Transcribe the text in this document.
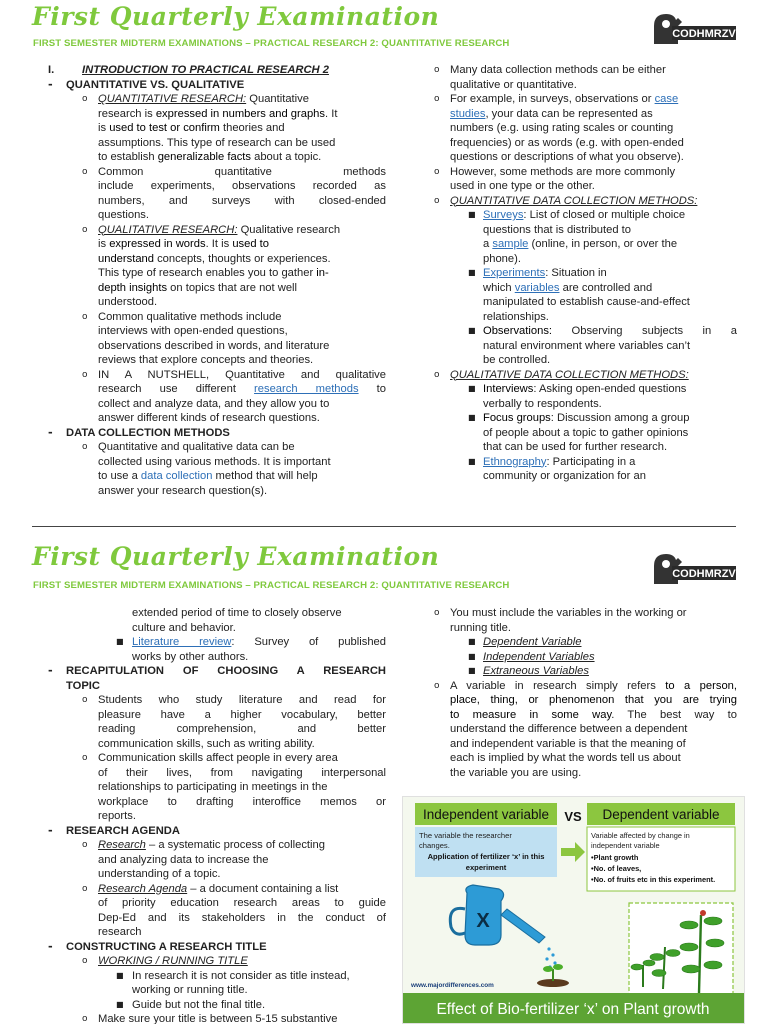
First Quarterly Examination
FIRST SEMESTER MIDTERM EXAMINATIONS – PRACTICAL RESEARCH 2: QUANTITATIVE RESEARCH
CODHMRZV
I. INTRODUCTION TO PRACTICAL RESEARCH 2
- QUANTITATIVE VS. QUALITATIVE
o QUANTITATIVE RESEARCH: Quantitative
research is expressed in numbers and graphs. It
is used to test or confirm theories and
assumptions. This type of research can be used
to establish generalizable facts about a topic.
o Common quantitative methods
include experiments, observations recorded as
numbers, and surveys with closed-ended
questions.
o QUALITATIVE RESEARCH: Qualitative research
is expressed in words. It is used to
understand concepts, thoughts or experiences.
This type of research enables you to gather in-
depth insights on topics that are not well
understood.
o Common qualitative methods include
interviews with open-ended questions,
observations described in words, and literature
reviews that explore concepts and theories.
o IN A NUTSHELL, Quantitative and qualitative
research use different research methods to
collect and analyze data, and they allow you to
answer different kinds of research questions.
- DATA COLLECTION METHODS
o Quantitative and qualitative data can be
collected using various methods. It is important
to use a data collection method that will help
answer your research question(s).
o Many data collection methods can be either
qualitative or quantitative.
o For example, in surveys, observations or case
studies, your data can be represented as
numbers (e.g. using rating scales or counting
frequencies) or as words (e.g. with open-ended
questions or descriptions of what you observe).
o However, some methods are more commonly
used in one type or the other.
o QUANTITATIVE DATA COLLECTION METHODS:
■ Surveys: List of closed or multiple choice
questions that is distributed to
a sample (online, in person, or over the
phone).
■ Experiments: Situation in
which variables are controlled and
manipulated to establish cause-and-effect
relationships.
■ Observations: Observing subjects in a
natural environment where variables can’t
be controlled.
o QUALITATIVE DATA COLLECTION METHODS:
■ Interviews: Asking open-ended questions
verbally to respondents.
■ Focus groups: Discussion among a group
of people about a topic to gather opinions
that can be used for further research.
■ Ethnography: Participating in a
community or organization for an
First Quarterly Examination
FIRST SEMESTER MIDTERM EXAMINATIONS – PRACTICAL RESEARCH 2: QUANTITATIVE RESEARCH
CODHMRZV
extended period of time to closely observe
culture and behavior.
■ Literature review: Survey of published
works by other authors.
- RECAPITULATION OF CHOOSING A RESEARCH
TOPIC
o Students who study literature and read for
pleasure have a higher vocabulary, better
reading comprehension, and better
communication skills, such as writing ability.
o Communication skills affect people in every area
of their lives, from navigating interpersonal
relationships to participating in meetings in the
workplace to drafting interoffice memos or
reports.
- RESEARCH AGENDA
o Research – a systematic process of collecting
and analyzing data to increase the
understanding of a topic.
o Research Agenda – a document containing a list
of priority education research areas to guide
Dep-Ed and its stakeholders in the conduct of
research
- CONSTRUCTING A RESEARCH TITLE
o WORKING / RUNNING TITLE
■ In research it is not consider as title instead,
working or running title.
■ Guide but not the final title.
o Make sure your title is between 5-15 substantive
o You must include the variables in the working or
running title.
■ Dependent Variable
■ Independent Variables
■ Extraneous Variables
o A variable in research simply refers to a person,
place, thing, or phenomenon that you are trying
to measure in some way. The best way to
understand the difference between a dependent
and independent variable is that the meaning of
each is implied by what the words tell us about
the variable you are using.
Independent variable VS Dependent variable
The variable the researcher
changes.
Application of fertilizer ‘x’ in this
experiment
Variable affected by change in
independent variable
•Plant growth
•No. of leaves,
•No. of fruits etc in this experiment.
X
www.majordifferences.com
Effect of Bio-fertilizer ‘x’ on Plant growth
